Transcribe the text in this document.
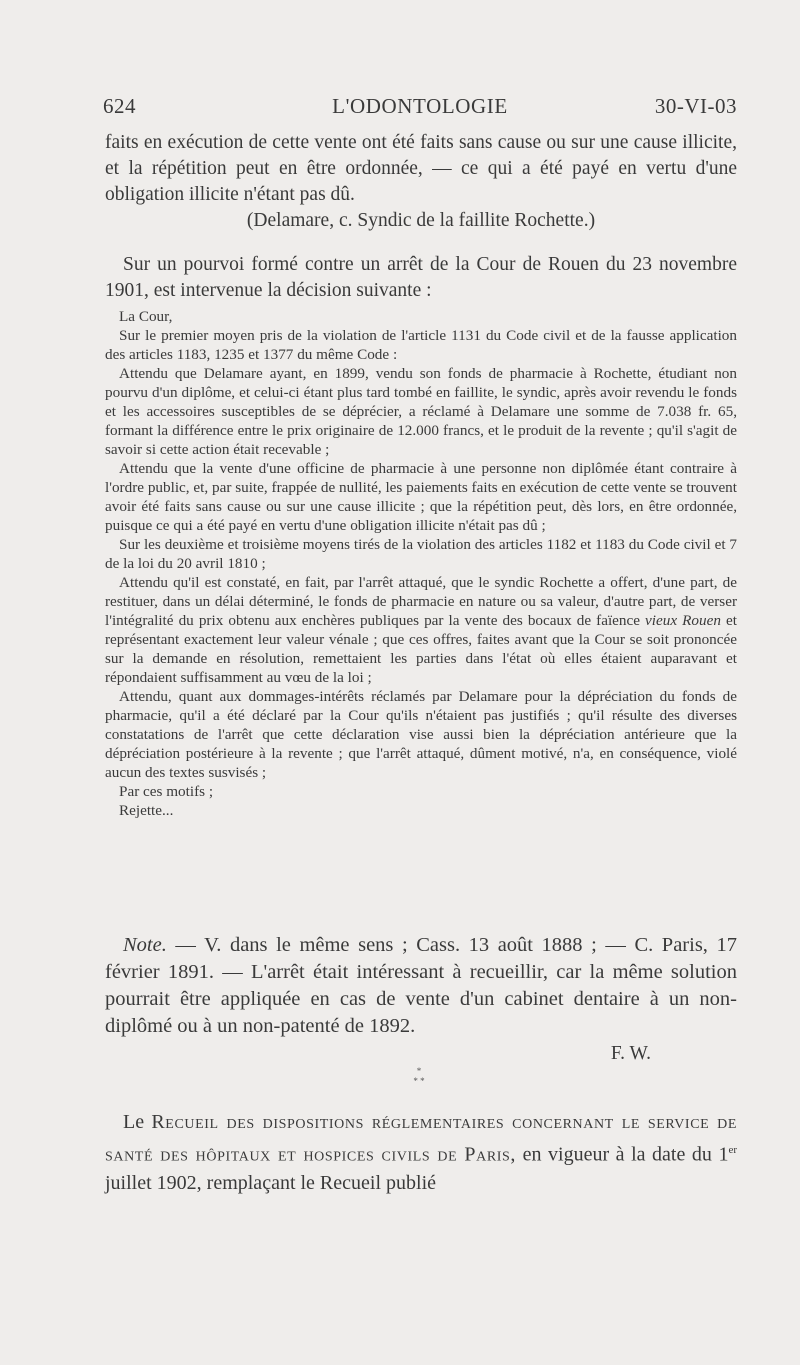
624	L'ODONTOLOGIE	30-VI-03

faits en exécution de cette vente ont été faits sans cause ou sur une cause illicite, et la répétition peut en être ordonnée, — ce qui a été payé en vertu d'une obligation illicite n'étant pas dû.

(Delamare, c. Syndic de la faillite Rochette.)

Sur un pourvoi formé contre un arrêt de la Cour de Rouen du 23 novembre 1901, est intervenue la décision suivante :

La Cour,

Sur le premier moyen pris de la violation de l'article 1131 du Code civil et de la fausse application des articles 1183, 1235 et 1377 du même Code :

Attendu que Delamare ayant, en 1899, vendu son fonds de pharmacie à Rochette, étudiant non pourvu d'un diplôme, et celui-ci étant plus tard tombé en faillite, le syndic, après avoir revendu le fonds et les accessoires susceptibles de se déprécier, a réclamé à Delamare une somme de 7.038 fr. 65, formant la différence entre le prix originaire de 12.000 francs, et le produit de la revente ; qu'il s'agit de savoir si cette action était recevable ;

Attendu que la vente d'une officine de pharmacie à une personne non diplômée étant contraire à l'ordre public, et, par suite, frappée de nullité, les paiements faits en exécution de cette vente se trouvent avoir été faits sans cause ou sur une cause illicite ; que la répétition peut, dès lors, en être ordonnée, puisque ce qui a été payé en vertu d'une obligation illicite n'était pas dû ;

Sur les deuxième et troisième moyens tirés de la violation des articles 1182 et 1183 du Code civil et 7 de la loi du 20 avril 1810 ;

Attendu qu'il est constaté, en fait, par l'arrêt attaqué, que le syndic Rochette a offert, d'une part, de restituer, dans un délai déterminé, le fonds de pharmacie en nature ou sa valeur, d'autre part, de verser l'intégralité du prix obtenu aux enchères publiques par la vente des bocaux de faïence vieux Rouen et représentant exactement leur valeur vénale ; que ces offres, faites avant que la Cour se soit prononcée sur la demande en résolution, remettaient les parties dans l'état où elles étaient auparavant et répondaient suffisamment au vœu de la loi ;

Attendu, quant aux dommages-intérêts réclamés par Delamare pour la dépréciation du fonds de pharmacie, qu'il a été déclaré par la Cour qu'ils n'étaient pas justifiés ; qu'il résulte des diverses constatations de l'arrêt que cette déclaration vise aussi bien la dépréciation antérieure que la dépréciation postérieure à la revente ; que l'arrêt attaqué, dûment motivé, n'a, en conséquence, violé aucun des textes susvisés ;

Par ces motifs ;

Rejette...

Note. — V. dans le même sens ; Cass. 13 août 1888 ; — C. Paris, 17 février 1891. — L'arrêt était intéressant à recueillir, car la même solution pourrait être appliquée en cas de vente d'un cabinet dentaire à un non-diplômé ou à un non-patenté de 1892.

F. W.

*
* *

Le Recueil des dispositions réglementaires concernant le service de santé des hôpitaux et hospices civils de Paris, en vigueur à la date du 1er juillet 1902, remplaçant le Recueil publié
